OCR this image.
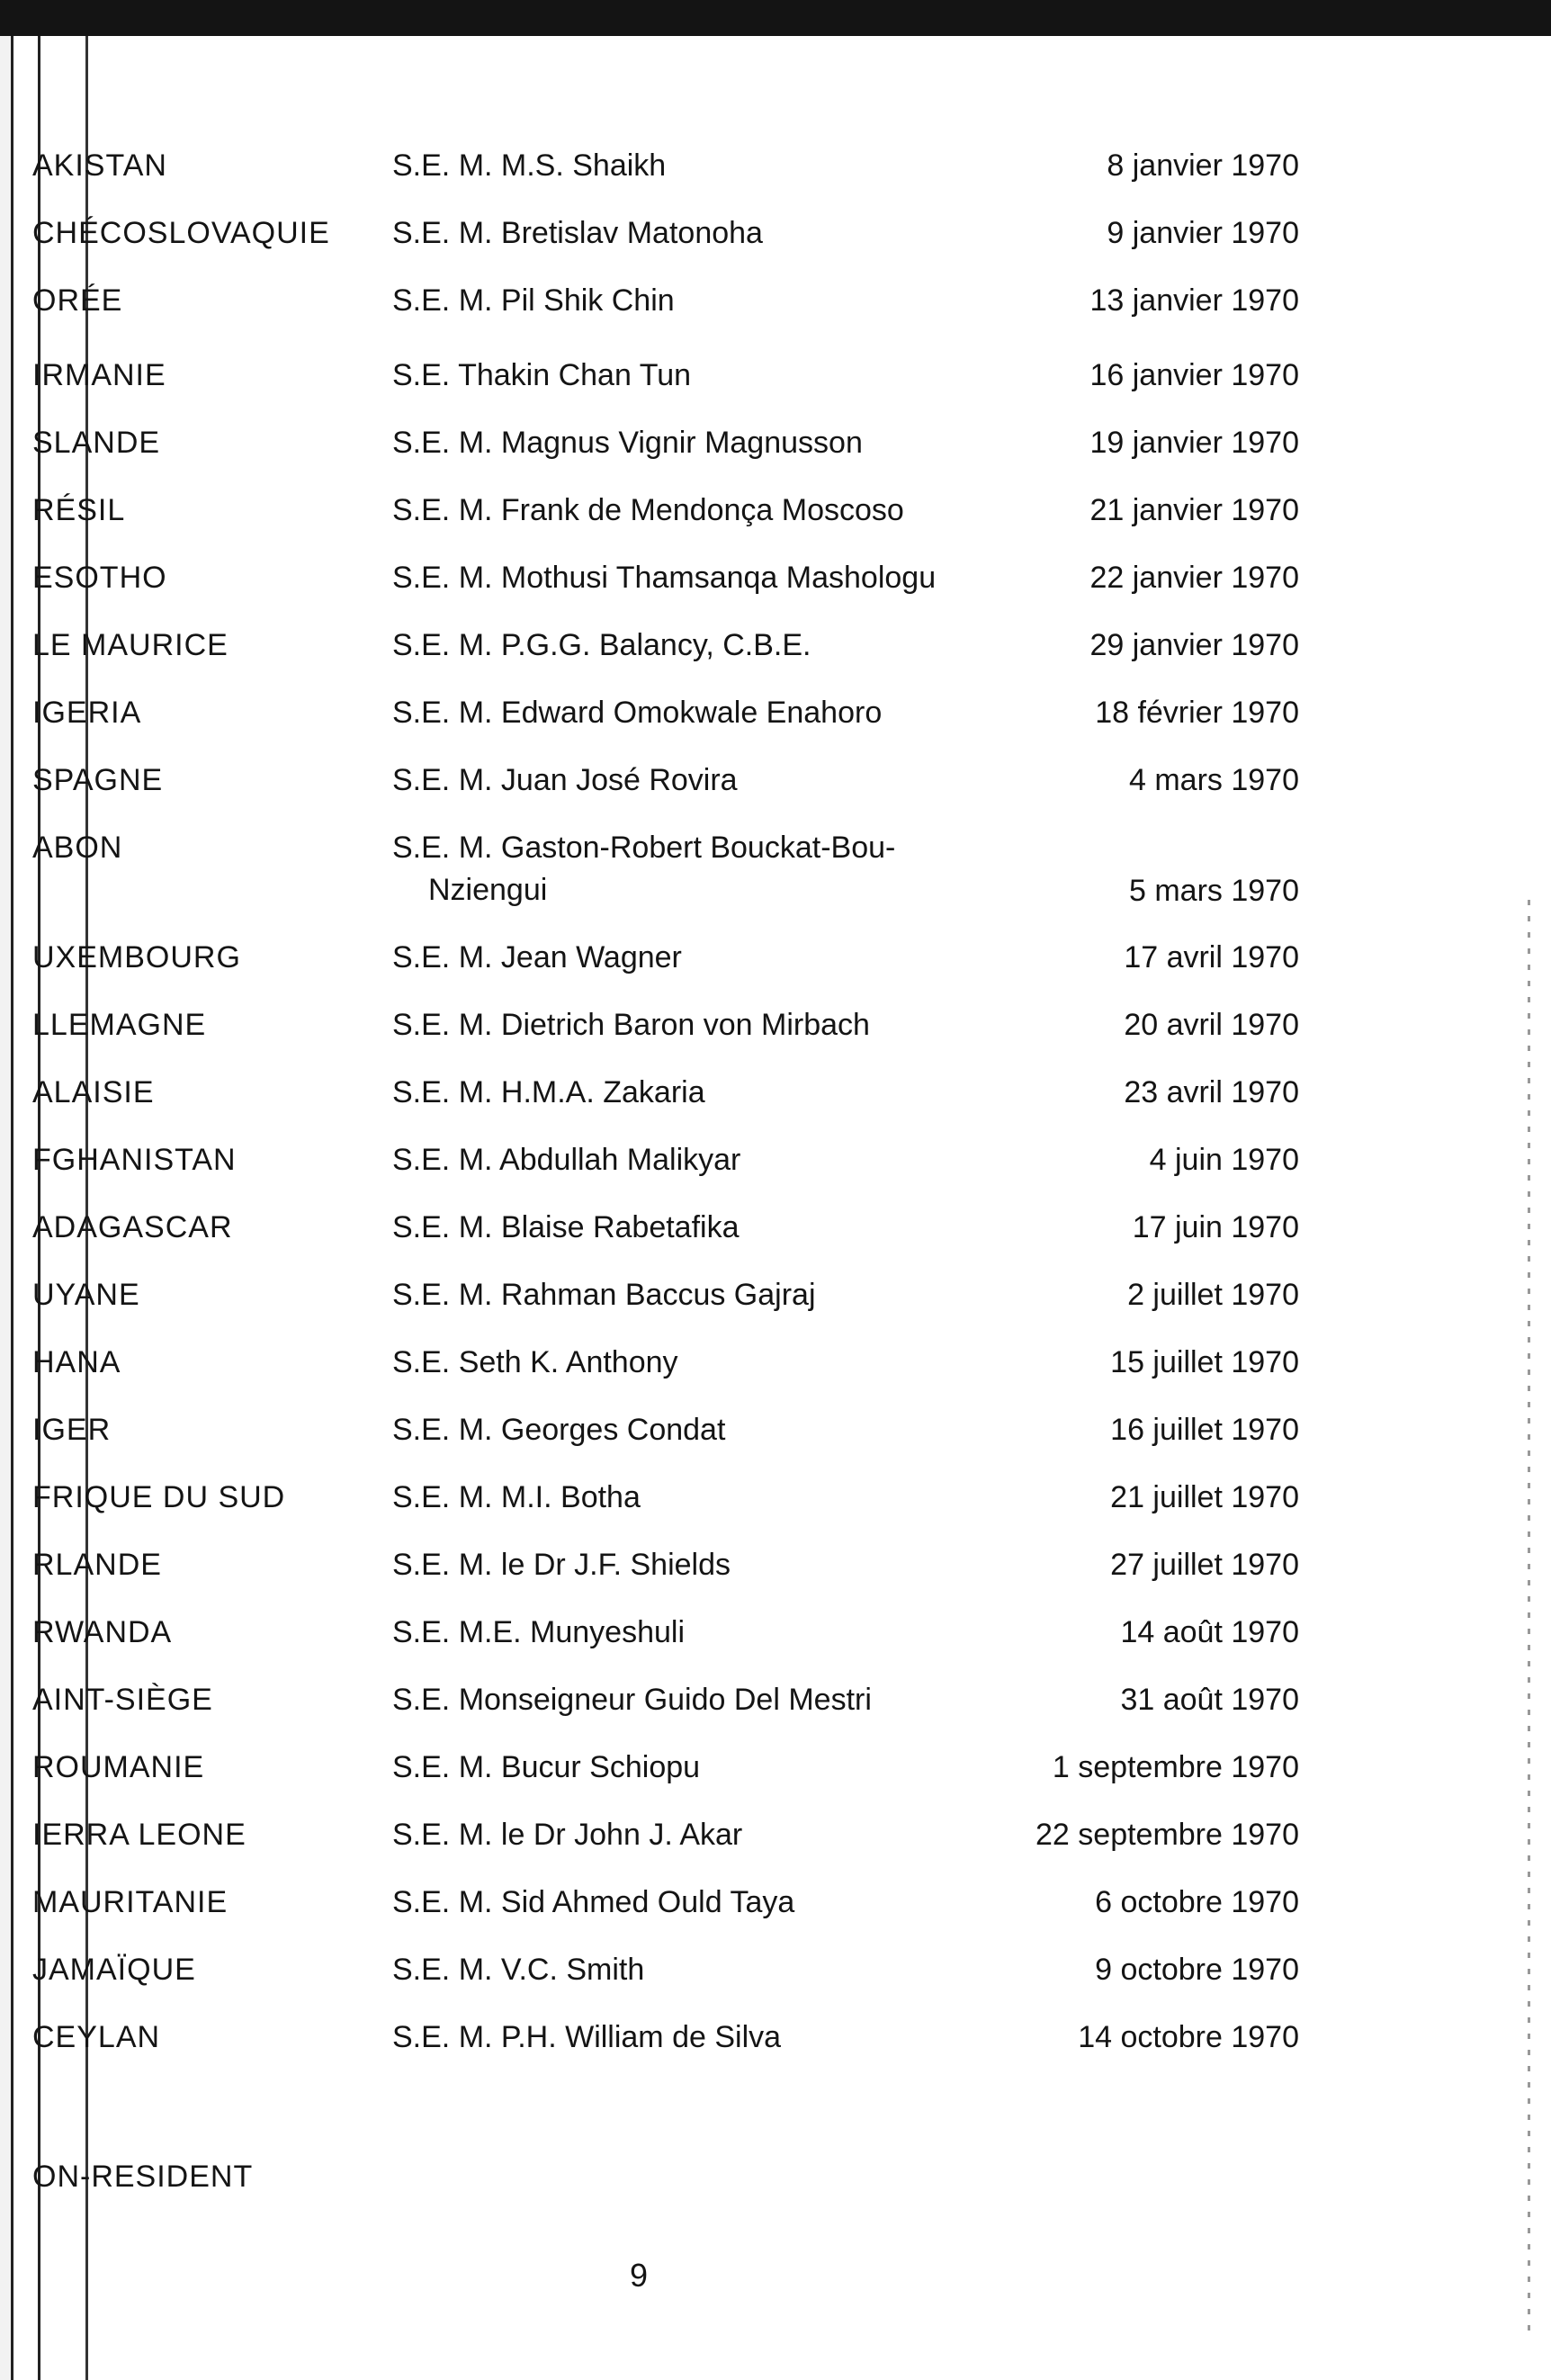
AKISTAN	S.E. M. M.S. Shaikh	8 janvier 1970
CHÉCOSLOVAQUIE S.E. M. Bretislav Matonoha	9 janvier 1970
ORÉE	S.E. M. Pil Shik Chin	13 janvier 1970
IRMANIE	S.E. Thakin Chan Tun	16 janvier 1970
SLANDE	S.E. M. Magnus Vignir Magnusson	19 janvier 1970
RÉSIL	S.E. M. Frank de Mendonça Moscoso	21 janvier 1970
ESOTHO	S.E. M. Mothusi Thamsanqa Mashologu	22 janvier 1970
LE MAURICE	S.E. M. P.G.G. Balancy, C.B.E.	29 janvier 1970
IGERIA	S.E. M. Edward Omokwale Enahoro	18 février 1970
SPAGNE	S.E. M. Juan José Rovira	4 mars 1970
ABON	S.E. M. Gaston-Robert Bouckat-Bou-
Nziengui	5 mars 1970
UXEMBOURG	S.E. M. Jean Wagner	17 avril 1970
LLEMAGNE	S.E. M. Dietrich Baron von Mirbach	20 avril 1970
ALAISIE	S.E. M. H.M.A. Zakaria	23 avril 1970
FGHANISTAN	S.E. M. Abdullah Malikyar	4 juin 1970
ADAGASCAR	S.E. M. Blaise Rabetafika	17 juin 1970
UYANE	S.E. M. Rahman Baccus Gajraj	2 juillet 1970
HANA	S.E. Seth K. Anthony	15 juillet 1970
IGER	S.E. M. Georges Condat	16 juillet 1970
FRIQUE DU SUD	S.E. M. M.I. Botha	21 juillet 1970
RLANDE	S.E. M. le Dr J.F. Shields	27 juillet 1970
RWANDA	S.E. M.E. Munyeshuli	14 août 1970
AINT-SIÈGE	S.E. Monseigneur Guido Del Mestri	31 août 1970
ROUMANIE	S.E. M. Bucur Schiopu	1 septembre 1970
IERRA LEONE	S.E. M. le Dr John J. Akar	22 septembre 1970
MAURITANIE	S.E. M. Sid Ahmed Ould Taya	6 octobre 1970
JAMAÏQUE	S.E. M. V.C. Smith	9 octobre 1970
CEYLAN	S.E. M. P.H. William de Silva	14 octobre 1970
ON-RESIDENT
9
